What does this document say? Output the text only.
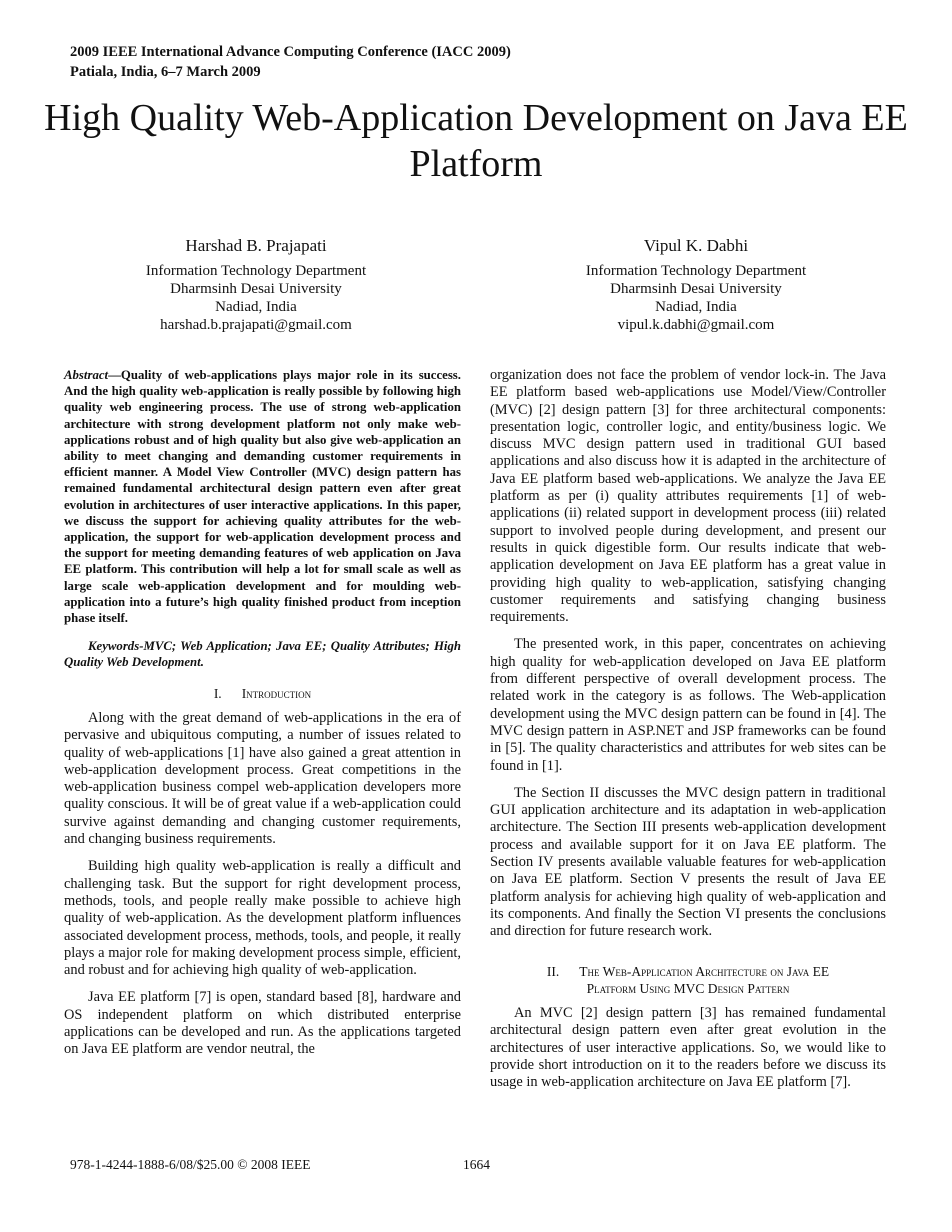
2009 IEEE International Advance Computing Conference (IACC 2009)
Patiala, India, 6–7 March 2009
High Quality Web-Application Development on Java EE Platform
Harshad B. Prajapati
Information Technology Department
Dharmsinh Desai University
Nadiad, India
harshad.b.prajapati@gmail.com
Vipul K. Dabhi
Information Technology Department
Dharmsinh Desai University
Nadiad, India
vipul.k.dabhi@gmail.com

Abstract—Quality of web-applications plays major role in its success. And the high quality web-application is really possible by following high quality web engineering process. The use of strong web-application architecture with strong development platform not only make web-applications robust and of high quality but also give web-application an ability to meet changing and demanding customer requirements in efficient manner. A Model View Controller (MVC) design pattern has remained fundamental architectural design pattern even after great evolution in architectures of user interactive applications. In this paper, we discuss the support for achieving quality attributes for the web-application, the support for web-application development process and the support for meeting demanding features of web application on Java EE platform. This contribution will help a lot for small scale as well as large scale web-application development and for moulding web-application into a future’s high quality finished product from inception phase itself.

Keywords-MVC; Web Application; Java EE; Quality Attributes; High Quality Web Development.

I. Introduction

Along with the great demand of web-applications in the era of pervasive and ubiquitous computing, a number of issues related to quality of web-applications [1] have also gained a great attention in web-application development process. Great competitions in the web-application business compel web-application developers more quality conscious. It will be of great value if a web-application could survive against demanding and changing customer requirements, and changing business requirements.

Building high quality web-application is really a difficult and challenging task. But the support for right development process, methods, tools, and people really make possible to achieve high quality of web-application. As the development platform influences associated development process, methods, tools, and people, it really plays a major role for making development process simple, efficient, and robust and for achieving high quality of web-application.

Java EE platform [7] is open, standard based [8], hardware and OS independent platform on which distributed enterprise applications can be developed and run. As the applications targeted on Java EE platform are vendor neutral, the

organization does not face the problem of vendor lock-in. The Java EE platform based web-applications use Model/View/Controller (MVC) [2] design pattern [3] for three architectural components: presentation logic, controller logic, and entity/business logic. We discuss MVC design pattern used in traditional GUI based applications and also discuss how it is adapted in the architecture of Java EE platform based web-applications. We analyze the Java EE platform as per (i) quality attributes requirements [1] of web-applications (ii) related support in development process (iii) related support to involved people during development, and present our results in quick digestible form. Our results indicate that web-application development on Java EE platform has a great value in providing high quality to web-application, satisfying changing customer requirements and satisfying changing business requirements.

The presented work, in this paper, concentrates on achieving high quality for web-application developed on Java EE platform from different perspective of overall development process. The related work in the category is as follows. The Web-application development using the MVC design pattern can be found in [4]. The MVC design pattern in ASP.NET and JSP frameworks can be found in [5]. The quality characteristics and attributes for web sites can be found in [1].

The Section II discusses the MVC design pattern in traditional GUI application architecture and its adaptation in web-application architecture. The Section III presents web-application development process and available support for it on Java EE platform. The Section IV presents available valuable features for web-application on Java EE platform. Section V presents the result of Java EE platform analysis for achieving high quality of web-application and its components. And finally the Section VI presents the conclusions and direction for future research work.

II. The Web-Application Architecture on Java EE
Platform Using MVC Design Pattern

An MVC [2] design pattern [3] has remained fundamental architectural design pattern even after great evolution in the architectures of user interactive applications. So, we would like to provide short introduction on it to the readers before we discuss its usage in web-application architecture on Java EE platform [7].

978-1-4244-1888-6/08/$25.00 © 2008 IEEE	1664
